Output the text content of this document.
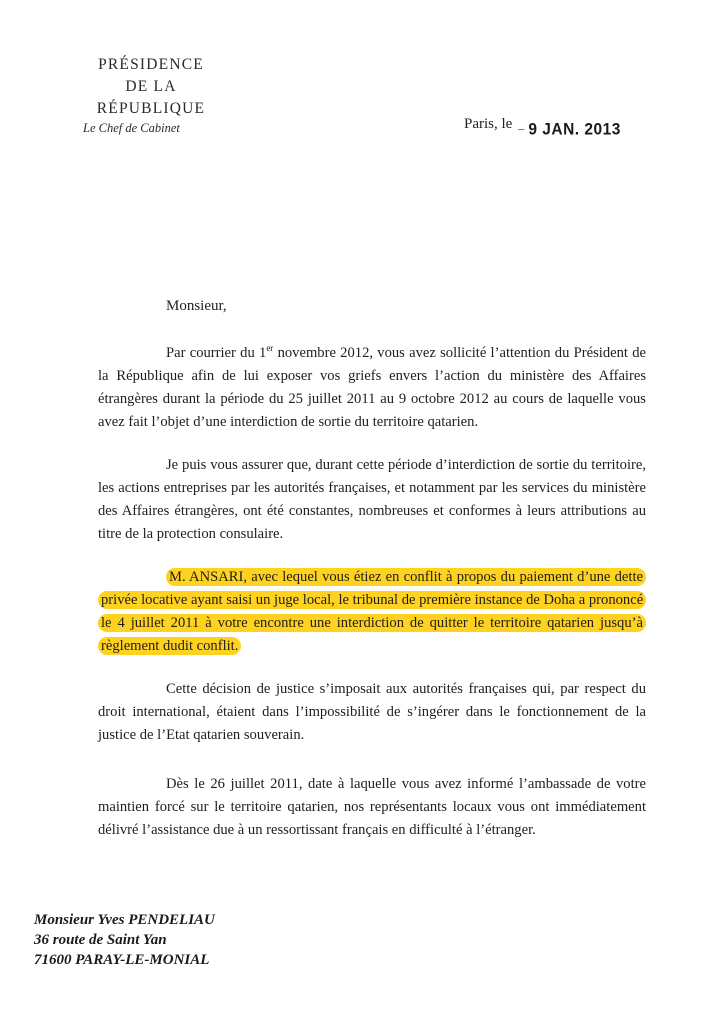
PRÉSIDENCE
DE LA
RÉPUBLIQUE
Le Chef de Cabinet	Paris, le $_-$ 9 JAN. 2013
Monsieur,

Par courrier du 1er novembre 2012, vous avez sollicité l’attention du Président de la République afin de lui exposer vos griefs envers l’action du ministère des Affaires étrangères durant la période du 25 juillet 2011 au 9 octobre 2012 au cours de laquelle vous avez fait l’objet d’une interdiction de sortie du territoire qatarien.

Je puis vous assurer que, durant cette période d’interdiction de sortie du territoire, les actions entreprises par les autorités françaises, et notamment par les services du ministère des Affaires étrangères, ont été constantes, nombreuses et conformes à leurs attributions au titre de la protection consulaire.

M. ANSARI, avec lequel vous étiez en conflit à propos du paiement d’une dette privée locative ayant saisi un juge local, le tribunal de première instance de Doha a prononcé le 4 juillet 2011 à votre encontre une interdiction de quitter le territoire qatarien jusqu’à règlement dudit conflit.

Cette décision de justice s’imposait aux autorités françaises qui, par respect du droit international, étaient dans l’impossibilité de s’ingérer dans le fonctionnement de la justice de l’Etat qatarien souverain.

Dès le 26 juillet 2011, date à laquelle vous avez informé l’ambassade de votre maintien forcé sur le territoire qatarien, nos représentants locaux vous ont immédiatement délivré l’assistance due à un ressortissant français en difficulté à l’étranger.

Monsieur Yves PENDELIAU
36 route de Saint Yan
71600 PARAY-LE-MONIAL
